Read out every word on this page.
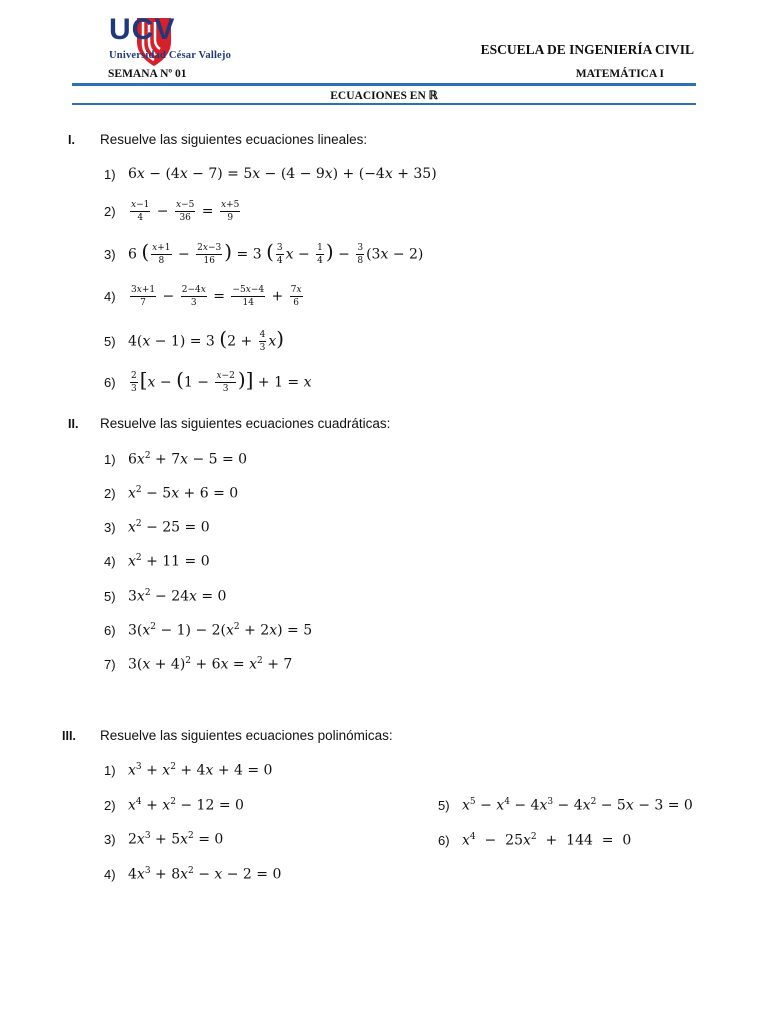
UCV
Universidad César Vallejo	ESCUELA DE INGENIERÍA CIVIL
SEMANA Nº 01	MATEMÁTICA I
ECUACIONES EN ℝ
I. Resuelve las siguientes ecuaciones lineales:
1) 6x − (4x − 7) = 5x − (4 − 9x) + (−4x + 35)
2)	$\frac{x-1}{4} - \frac{x-5}{36} = \frac{x+5}{9}$
3) 6 ( $\frac{x+1}{8} - \frac{2x-3}{16}$ ) = 3 ( $\frac{3}{4}$ $x - \frac{1}{4}$ ) − $\frac{3}{8} (3x - 2)$
4)	$\frac{3x+1}{7} - \frac{2-4x}{3} = \frac{-5x-4}{14} + \frac{7x}{6}$
5) 4(x − 1) = 3 $(2 + \frac{4}{3} x)$
6)	$\frac{2}{3} [x - (1 - \frac{x-2}{3}$ )] + 1 = x
II. Resuelve las siguientes ecuaciones cuadráticas:
1) $6x^2 + 7x - 5 = 0$
2) $x^2 - 5x + 6 = 0$
3) $x^2 - 25 = 0$
4) $x^2 + 11 = 0$
5) $3x^2 - 24x = 0$
6) $3(x^2 - 1) - 2(x^2 + 2x) = 5$
7) $3(x + 4)^2 + 6x = x^2 + 7$
III. Resuelve las siguientes ecuaciones polinómicas:
1) $x^3 + x^2 + 4x + 4 = 0$
2) $x^4 + x^2 - 12 = 0$
3) $2x^3 + 5x^2 = 0$
4) $4x^3 + 8x^2 - x - 2 = 0$
5) $x^5 - x^4 - 4x^3 - 4x^2 - 5x - 3 = 0$
6) $x^4 - 25x^2 + 144 = 0$
